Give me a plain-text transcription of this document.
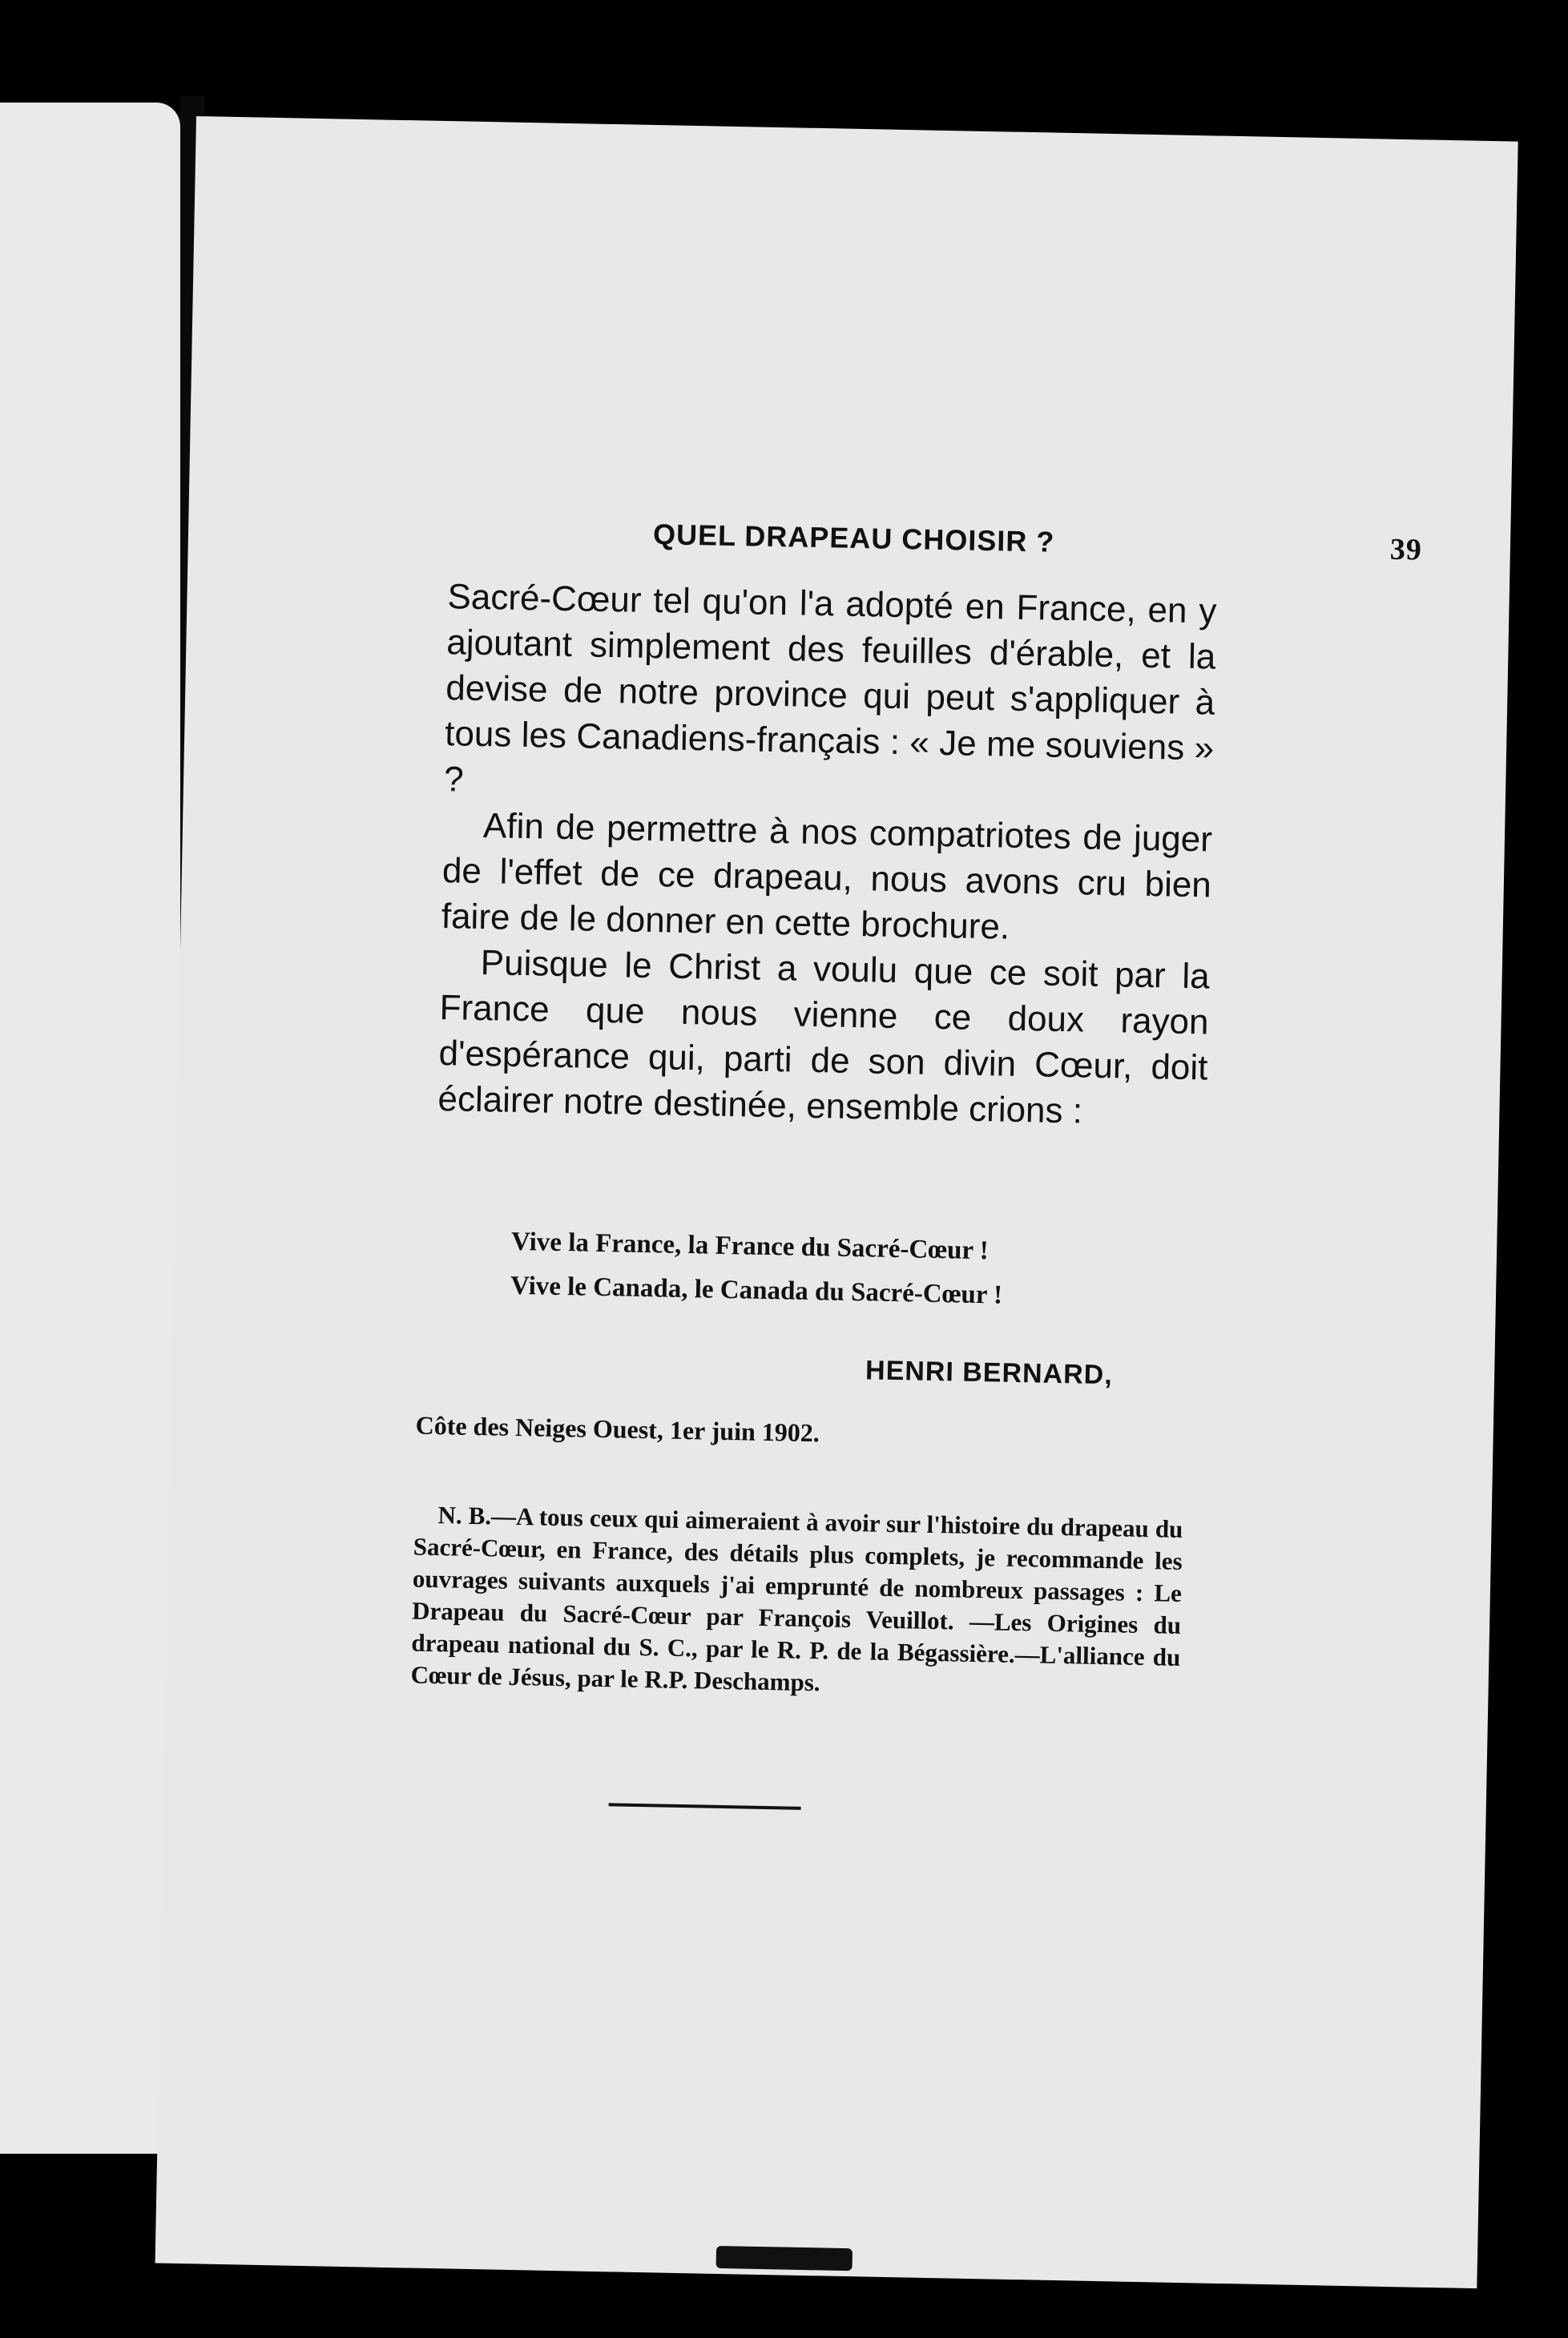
QUEL DRAPEAU CHOISIR ?	39

Sacré-Cœur tel qu'on l'a adopté en France, en y ajoutant simplement des feuilles d'érable, et la devise de notre province qui peut s'appliquer à tous les Canadiens-français : « Je me souviens » ?

Afin de permettre à nos compatriotes de juger de l'effet de ce drapeau, nous avons cru bien faire de le donner en cette brochure.

Puisque le Christ a voulu que ce soit par la France que nous vienne ce doux rayon d'espérance qui, parti de son divin Cœur, doit éclairer notre destinée, ensemble crions :

Vive la France, la France du Sacré-Cœur !
Vive le Canada, le Canada du Sacré-Cœur !
HENRI BERNARD,
Côte des Neiges Ouest, 1er juin 1902.

N. B.—A tous ceux qui aimeraient à avoir sur l'histoire du drapeau du Sacré-Cœur, en France, des détails plus complets, je recommande les ouvrages suivants auxquels j'ai emprunté de nombreux passages : Le Drapeau du Sacré-Cœur par François Veuillot. —Les Origines du drapeau national du S. C., par le R. P. de la Bégassière.—L'alliance du Cœur de Jésus, par le R.P. Deschamps.
